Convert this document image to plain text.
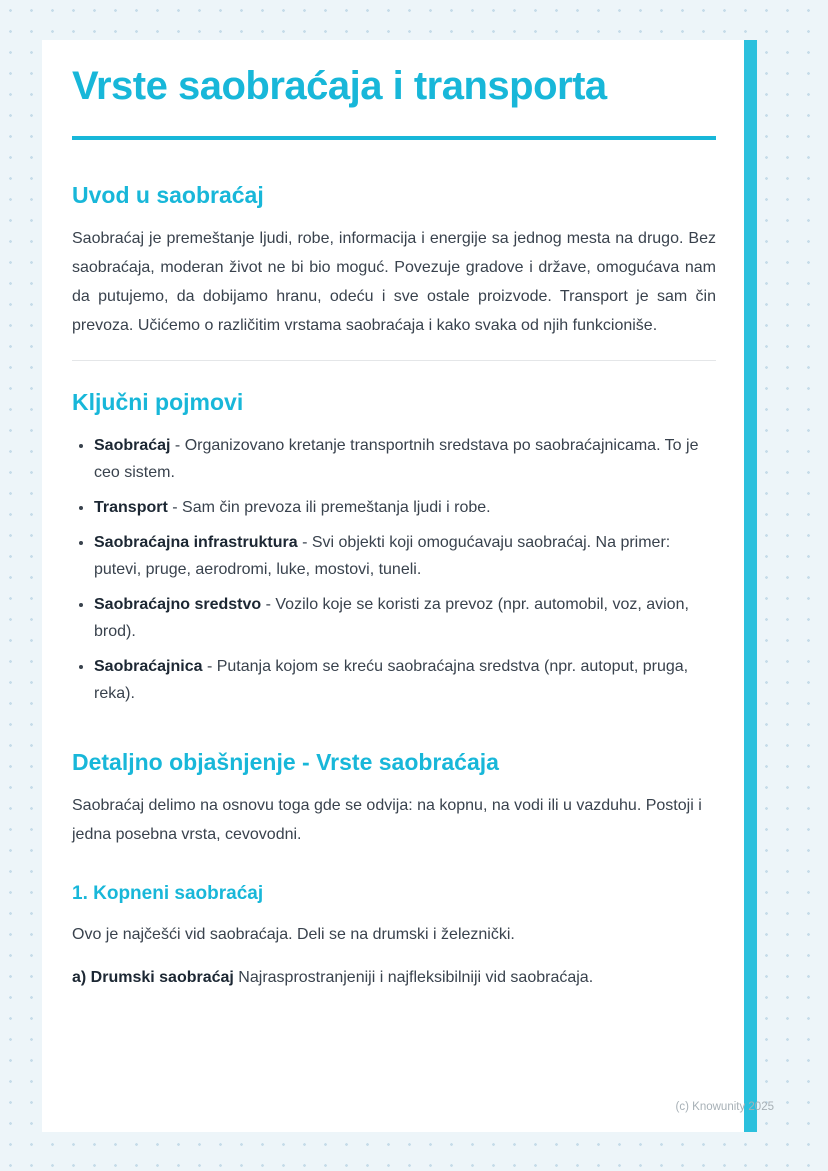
Vrste saobraćaja i transporta
Uvod u saobraćaj

Saobraćaj je premeštanje ljudi, robe, informacija i energije sa jednog mesta na drugo. Bez saobraćaja, moderan život ne bi bio moguć. Povezuje gradove i države, omogućava nam da putujemo, da dobijamo hranu, odeću i sve ostale proizvode. Transport je sam čin prevoza. Učićemo o različitim vrstama saobraćaja i kako svaka od njih funkcioniše.

Ključni pojmovi
• Saobraćaj - Organizovano kretanje transportnih sredstava po saobraćajnicama. To je ceo sistem.
• Transport - Sam čin prevoza ili premeštanja ljudi i robe.
• Saobraćajna infrastruktura - Svi objekti koji omogućavaju saobraćaj. Na primer: putevi, pruge, aerodromi, luke, mostovi, tuneli.
• Saobraćajno sredstvo - Vozilo koje se koristi za prevoz (npr. automobil, voz, avion, brod).
• Saobraćajnica - Putanja kojom se kreću saobraćajna sredstva (npr. autoput, pruga, reka).
Detaljno objašnjenje - Vrste saobraćaja

Saobraćaj delimo na osnovu toga gde se odvija: na kopnu, na vodi ili u vazduhu. Postoji i jedna posebna vrsta, cevovodni.

1. Kopneni saobraćaj

Ovo je najčešći vid saobraćaja. Deli se na drumski i železnički.

a) Drumski saobraćaj Najrasprostranjeniji i najfleksibilniji vid saobraćaja.

(c) Knowunity 2025
